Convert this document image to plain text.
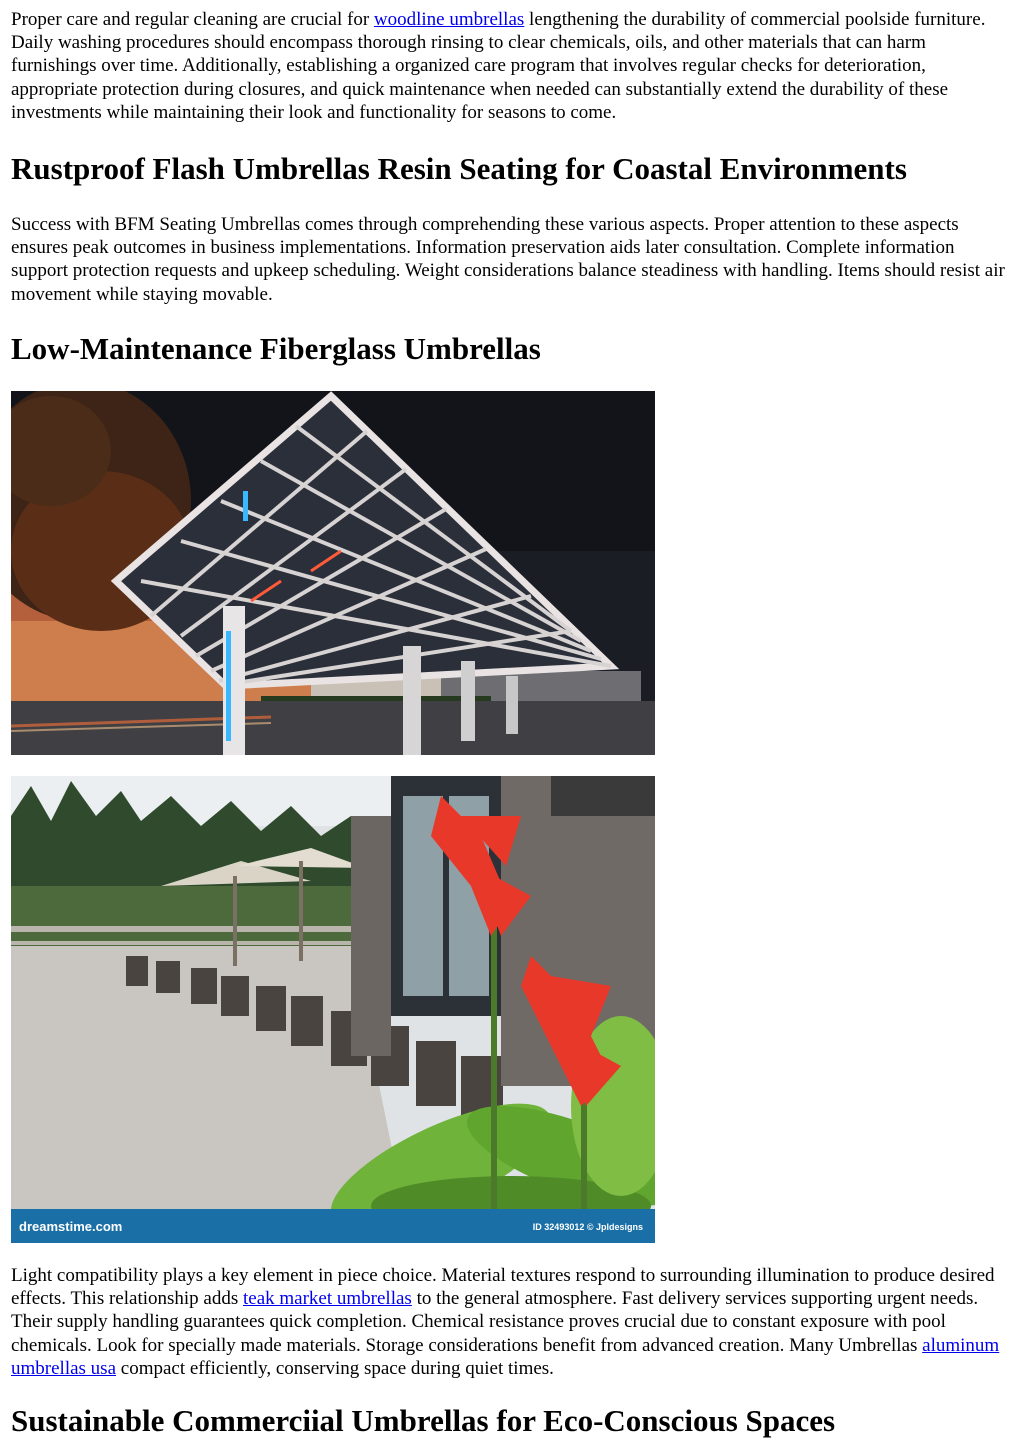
Proper care and regular cleaning are crucial for woodline umbrellas lengthening the durability of commercial poolside furniture. Daily washing procedures should encompass thorough rinsing to clear chemicals, oils, and other materials that can harm furnishings over time. Additionally, establishing a organized care program that involves regular checks for deterioration, appropriate protection during closures, and quick maintenance when needed can substantially extend the durability of these investments while maintaining their look and functionality for seasons to come.

Rustproof Flash Umbrellas Resin Seating for Coastal Environments

Success with BFM Seating Umbrellas comes through comprehending these various aspects. Proper attention to these aspects ensures peak outcomes in business implementations. Information preservation aids later consultation. Complete information support protection requests and upkeep scheduling. Weight considerations balance steadiness with handling. Items should resist air movement while staying movable.

Low-Maintenance Fiberglass Umbrellas
dreamstime.com	ID 32493012 © Jpldesigns

Light compatibility plays a key element in piece choice. Material textures respond to surrounding illumination to produce desired effects. This relationship adds teak market umbrellas to the general atmosphere. Fast delivery services supporting urgent needs. Their supply handling guarantees quick completion. Chemical resistance proves crucial due to constant exposure with pool chemicals. Look for specially made materials. Storage considerations benefit from advanced creation. Many Umbrellas aluminum umbrellas usa compact efficiently, conserving space during quiet times.

Sustainable Commerciial Umbrellas for Eco-Conscious Spaces
